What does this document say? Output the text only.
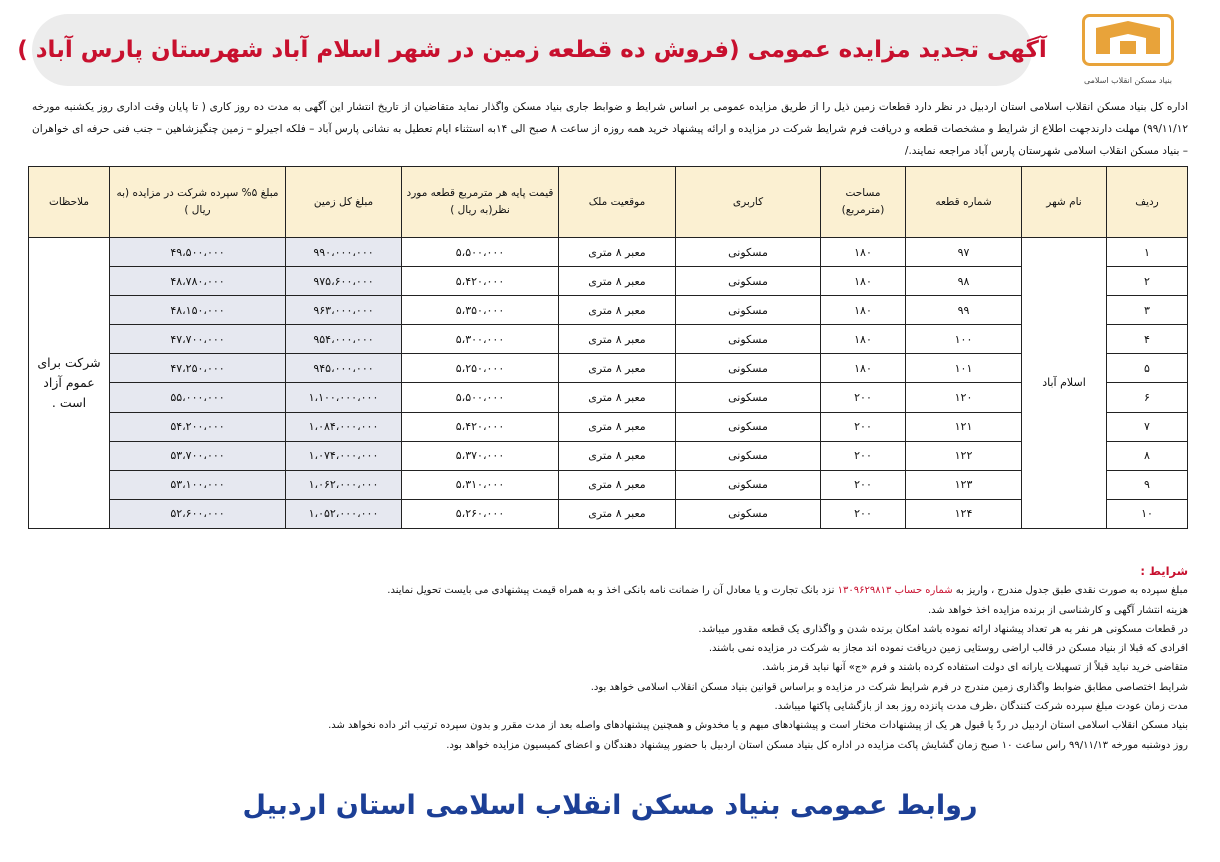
آگهی تجدید مزایده عمومی (فروش ده قطعه زمین در شهر اسلام آباد شهرستان پارس آباد )
بنیاد مسکن انقلاب اسلامی
اداره کل بنیاد مسکن انقلاب اسلامی استان اردبیل در نظر دارد قطعات زمین ذیل را از طریق مزایده عمومی بر اساس شرایط و ضوابط جاری بنیاد مسکن واگذار نماید متقاضیان از تاریخ انتشار این آگهی به مدت ده روز کاری ( تا پایان وقت اداری روز یکشنبه مورخه ۹۹/۱۱/۱۲) مهلت دارندجهت اطلاع از شرایط و مشخصات قطعه و دریافت فرم شرایط شرکت در مزایده و ارائه پیشنهاد خرید همه روزه از ساعت ۸ صبح الی ۱۴به استثناء ایام تعطیل به نشانی پارس آباد – فلکه اجیرلو – زمین چنگیزشاهین – جنب فنی حرفه ای خواهران – بنیاد مسکن انقلاب اسلامی شهرستان پارس آباد مراجعه نمایند./
ردیف	نام شهر	شماره قطعه	مساحت (مترمربع)	کاربری	موقعیت ملک	قیمت پایه هر مترمربع قطعه مورد نظر(به ریال )	مبلغ کل زمین	مبلغ ۵% سپرده شرکت در مزایده (به ریال )	ملاحظات
۱	اسلام آباد	۹۷	۱۸۰	مسکونی	معبر ۸ متری	۵،۵۰۰،۰۰۰	۹۹۰،۰۰۰،۰۰۰	۴۹،۵۰۰،۰۰۰	شرکت برای عموم آزاد است .
۲		۹۸	۱۸۰	مسکونی	معبر ۸ متری	۵،۴۲۰،۰۰۰	۹۷۵،۶۰۰،۰۰۰	۴۸،۷۸۰،۰۰۰	
۳		۹۹	۱۸۰	مسکونی	معبر ۸ متری	۵،۳۵۰،۰۰۰	۹۶۳،۰۰۰،۰۰۰	۴۸،۱۵۰،۰۰۰	
۴		۱۰۰	۱۸۰	مسکونی	معبر ۸ متری	۵،۳۰۰،۰۰۰	۹۵۴،۰۰۰،۰۰۰	۴۷،۷۰۰،۰۰۰	
۵		۱۰۱	۱۸۰	مسکونی	معبر ۸ متری	۵،۲۵۰،۰۰۰	۹۴۵،۰۰۰،۰۰۰	۴۷،۲۵۰،۰۰۰	
۶		۱۲۰	۲۰۰	مسکونی	معبر ۸ متری	۵،۵۰۰،۰۰۰	۱،۱۰۰،۰۰۰،۰۰۰	۵۵،۰۰۰،۰۰۰	
۷		۱۲۱	۲۰۰	مسکونی	معبر ۸ متری	۵،۴۲۰،۰۰۰	۱،۰۸۴،۰۰۰،۰۰۰	۵۴،۲۰۰،۰۰۰	
۸		۱۲۲	۲۰۰	مسکونی	معبر ۸ متری	۵،۳۷۰،۰۰۰	۱،۰۷۴،۰۰۰،۰۰۰	۵۳،۷۰۰،۰۰۰	
۹		۱۲۳	۲۰۰	مسکونی	معبر ۸ متری	۵،۳۱۰،۰۰۰	۱،۰۶۲،۰۰۰،۰۰۰	۵۳،۱۰۰،۰۰۰	
۱۰		۱۲۴	۲۰۰	مسکونی	معبر ۸ متری	۵،۲۶۰،۰۰۰	۱،۰۵۲،۰۰۰،۰۰۰	۵۲،۶۰۰،۰۰۰	
شرایط :
مبلغ سپرده به صورت نقدی طبق جدول مندرج ، واریز به شماره حساب ۱۳۰۹۶۲۹۸۱۳ نزد بانک تجارت و یا معادل آن را ضمانت نامه بانکی اخذ و به همراه قیمت پیشنهادی می بایست تحویل نمایند.
هزینه انتشار آگهی و کارشناسی از برنده مزایده اخذ خواهد شد.
در قطعات مسکونی هر نفر به هر تعداد پیشنهاد ارائه نموده باشد امکان برنده شدن و واگذاری یک قطعه مقدور میباشد.
افرادی که قبلا از بنیاد مسکن در قالب اراضی روستایی زمین دریافت نموده اند مجاز به شرکت در مزایده نمی باشند.
متقاضی خرید نباید قبلاً از تسهیلات یارانه ای دولت استفاده کرده باشند و فرم «ج» آنها نباید قرمز باشد.
شرایط اختصاصی مطابق ضوابط واگذاری زمین مندرج در فرم شرایط شرکت در مزایده و براساس قوانین بنیاد مسکن انقلاب اسلامی خواهد بود.
مدت زمان عودت مبلغ سپرده شرکت کنندگان ،ظرف مدت پانزده روز بعد از بازگشایی پاکتها میباشد.
بنیاد مسکن انقلاب اسلامی استان اردبیل در ردّ یا قبول هر یک از پیشنهادات مختار است و پیشنهادهای مبهم و یا مخدوش و همچنین پیشنهادهای واصله بعد از مدت مقرر و بدون سپرده ترتیب اثر داده نخواهد شد.
روز دوشنبه مورخه ۹۹/۱۱/۱۳ راس ساعت ۱۰ صبح زمان گشایش پاکت مزایده در اداره کل بنیاد مسکن استان اردبیل با حضور پیشنهاد دهندگان و اعضای کمیسیون مزایده خواهد بود.
روابط عمومی بنیاد مسکن انقلاب اسلامی استان اردبیل
